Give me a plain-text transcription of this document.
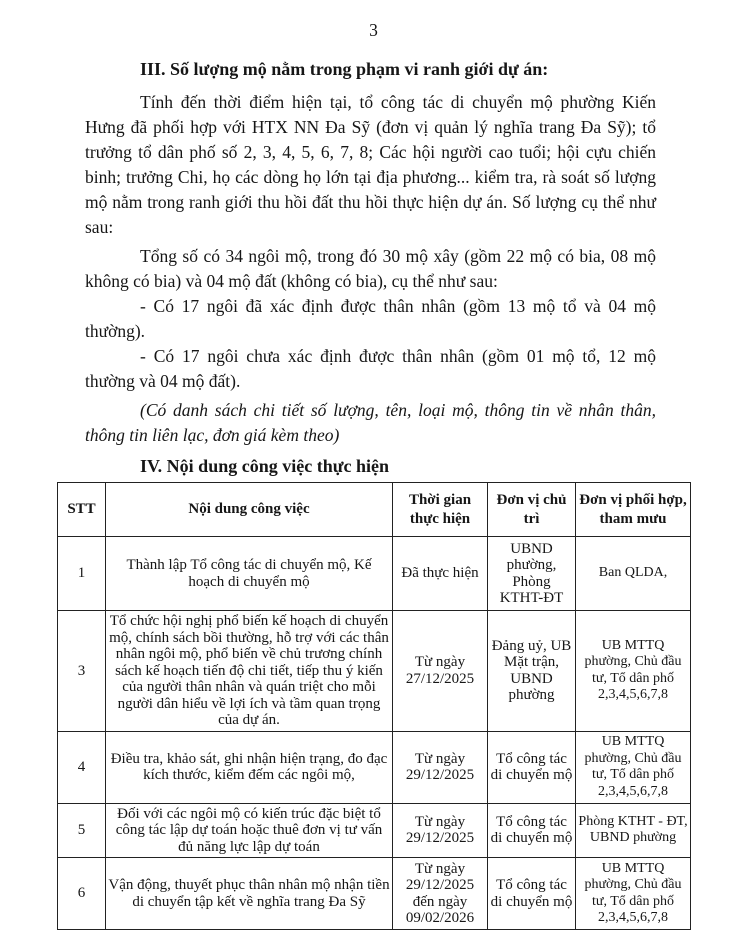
3
III. Số lượng mộ nằm trong phạm vi ranh giới dự án:

Tính đến thời điểm hiện tại, tổ công tác di chuyển mộ phường Kiến Hưng đã phối hợp với HTX NN Đa Sỹ (đơn vị quản lý nghĩa trang Đa Sỹ); tổ trưởng tổ dân phố số 2, 3, 4, 5, 6, 7, 8; Các hội người cao tuổi; hội cựu chiến binh; trưởng Chi, họ các dòng họ lớn tại địa phương... kiểm tra, rà soát số lượng mộ nằm trong ranh giới thu hồi đất thu hồi thực hiện dự án. Số lượng cụ thể như sau:

Tổng số có 34 ngôi mộ, trong đó 30 mộ xây (gồm 22 mộ có bia, 08 mộ không có bia) và 04 mộ đất (không có bia), cụ thể như sau:

- Có 17 ngôi đã xác định được thân nhân (gồm 13 mộ tổ và 04 mộ thường).

- Có 17 ngôi chưa xác định được thân nhân (gồm 01 mộ tổ, 12 mộ thường và 04 mộ đất).

(Có danh sách chi tiết số lượng, tên, loại mộ, thông tin về nhân thân, thông tin liên lạc, đơn giá kèm theo)

IV. Nội dung công việc thực hiện
STT	Nội dung công việc	Thời gian thực hiện	Đơn vị chủ trì	Đơn vị phối hợp, tham mưu
1	Thành lập Tổ công tác di chuyển mộ, Kế hoạch di chuyển mộ	Đã thực hiện	UBND phường, Phòng KTHT-ĐT	Ban QLDA,
3	Tổ chức hội nghị phổ biến kế hoạch di chuyển mộ, chính sách bồi thường, hỗ trợ với các thân nhân ngôi mộ, phổ biến về chủ trương chính sách kế hoạch tiến độ chi tiết, tiếp thu ý kiến của người thân nhân và quán triệt cho mỗi người dân hiểu về lợi ích và tầm quan trọng của dự án.	Từ ngày 27/12/2025	Đảng uỷ, UB Mặt trận, UBND phường	UB MTTQ phường, Chủ đầu tư, Tổ dân phố 2,3,4,5,6,7,8
4	Điều tra, khảo sát, ghi nhận hiện trạng, đo đạc kích thước, kiểm đếm các ngôi mộ,	Từ ngày 29/12/2025	Tổ công tác di chuyển mộ	UB MTTQ phường, Chủ đầu tư, Tổ dân phố 2,3,4,5,6,7,8
5	Đối với các ngôi mộ có kiến trúc đặc biệt tổ công tác lập dự toán hoặc thuê đơn vị tư vấn đủ năng lực lập dự toán	Từ ngày 29/12/2025	Tổ công tác di chuyển mộ	Phòng KTHT - ĐT, UBND phường
6	Vận động, thuyết phục thân nhân mộ nhận tiền di chuyển tập kết về nghĩa trang Đa Sỹ	Từ ngày 29/12/2025 đến ngày 09/02/2026	Tổ công tác di chuyển mộ	UB MTTQ phường, Chủ đầu tư, Tổ dân phố 2,3,4,5,6,7,8
